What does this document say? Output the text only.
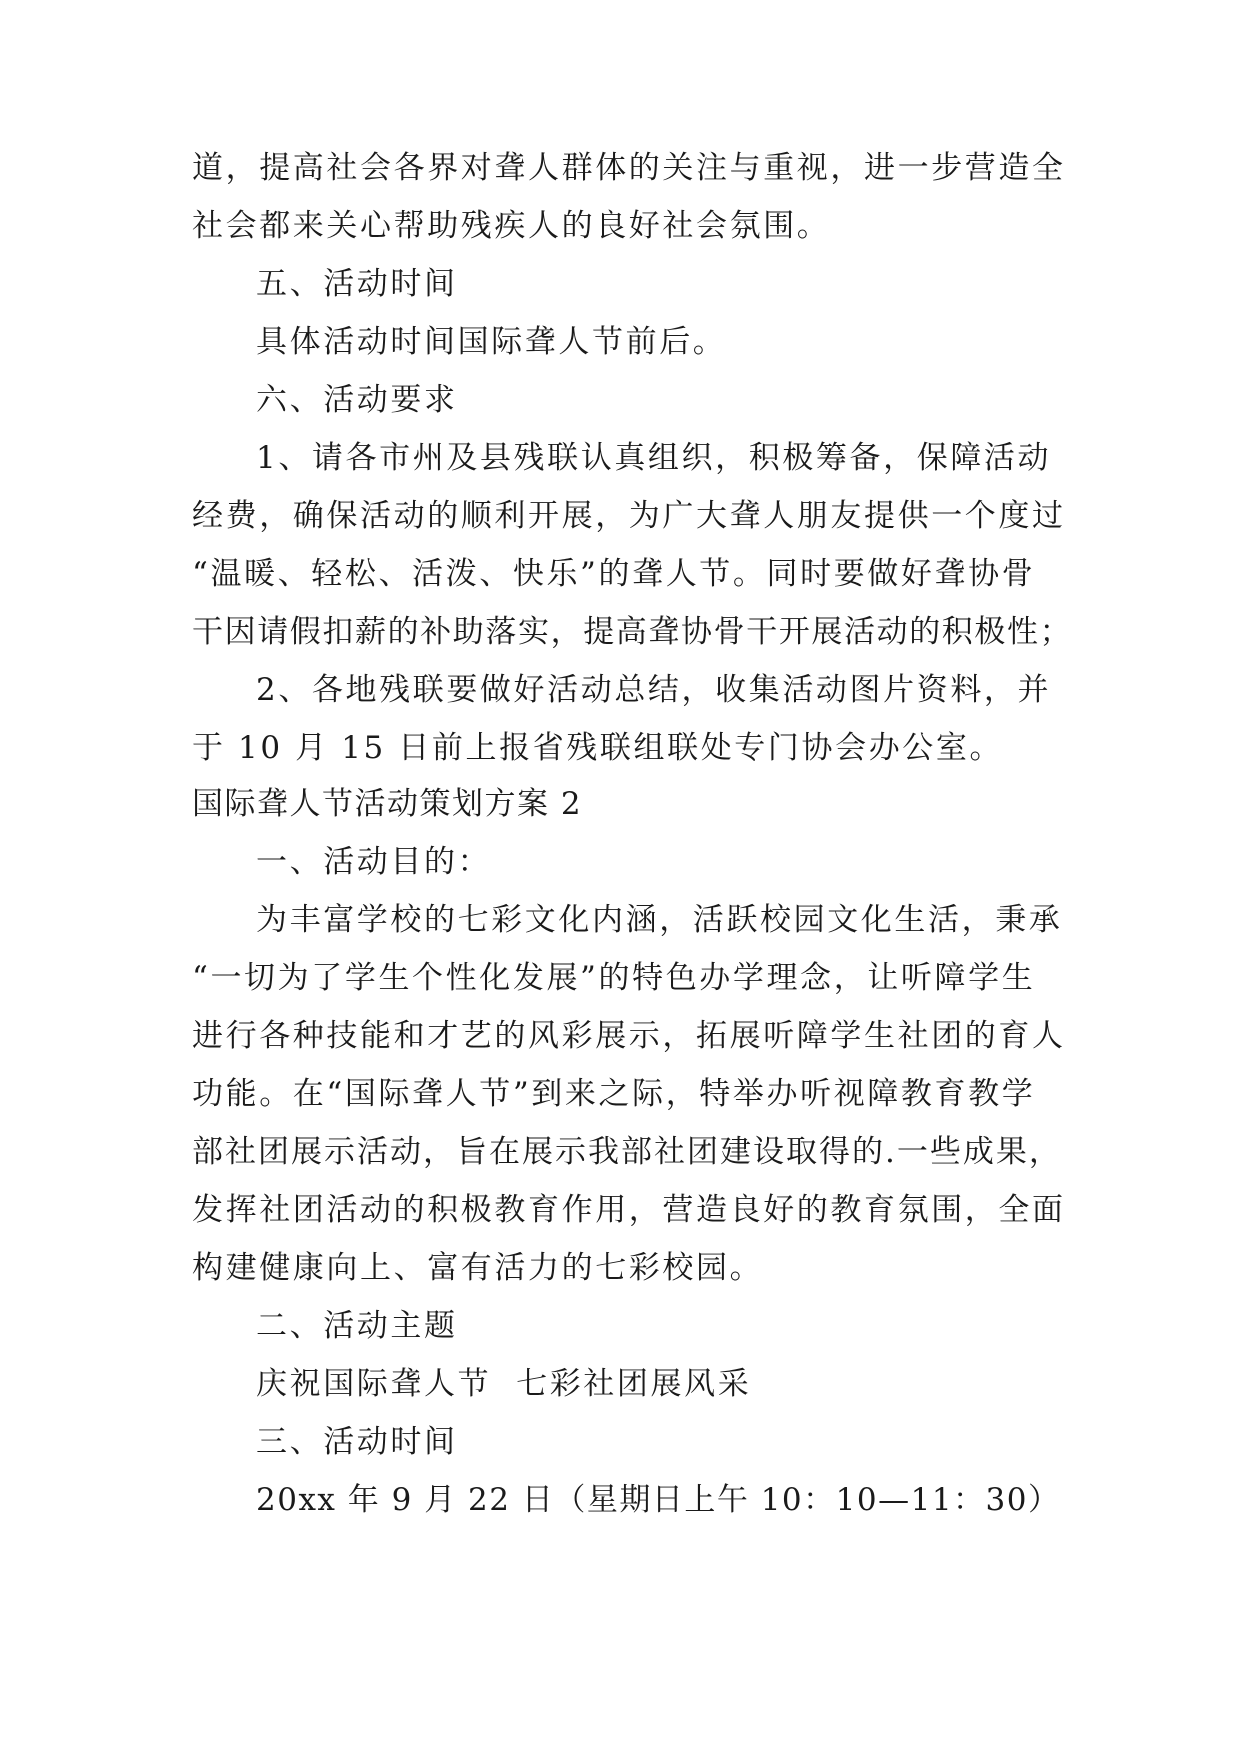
道，提高社会各界对聋人群体的关注与重视，进一步营造全
社会都来关心帮助残疾人的良好社会氛围。
五、活动时间
具体活动时间国际聋人节前后。
六、活动要求
1、请各市州及县残联认真组织，积极筹备，保障活动
经费，确保活动的顺利开展，为广大聋人朋友提供一个度过
“温暖、轻松、活泼、快乐”的聋人节。同时要做好聋协骨
干因请假扣薪的补助落实，提高聋协骨干开展活动的积极性；
2、各地残联要做好活动总结，收集活动图片资料，并
于 10 月 15 日前上报省残联组联处专门协会办公室。
国际聋人节活动策划方案 2
一、活动目的：
为丰富学校的七彩文化内涵，活跃校园文化生活，秉承
“一切为了学生个性化发展”的特色办学理念，让听障学生
进行各种技能和才艺的风彩展示，拓展听障学生社团的育人
功能。在“国际聋人节”到来之际，特举办听视障教育教学
部社团展示活动，旨在展示我部社团建设取得的.一些成果，
发挥社团活动的积极教育作用，营造良好的教育氛围，全面
构建健康向上、富有活力的七彩校园。
二、活动主题
庆祝国际聋人节  七彩社团展风采
三、活动时间
20xx 年 9 月 22 日（星期日上午 10：10—11：30）
